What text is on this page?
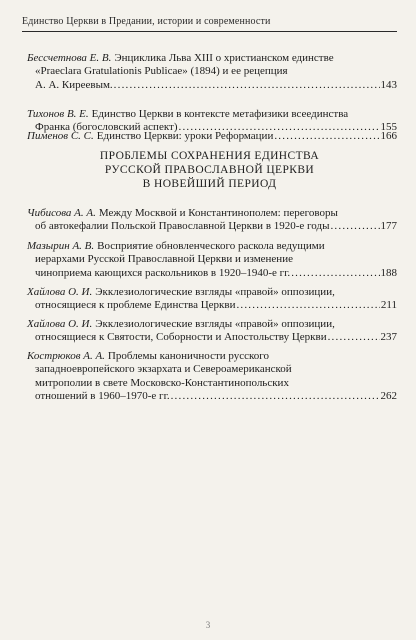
Единство Церкви в Предании, истории и современности
Бессчетнова Е. В. Энциклика Льва XIII о христианском единстве
«Praeclara Gratulationis Publicae» (1894) и ее рецепция
А. А. Киреевым. .....	143
Тихонов В. Е. Единство Церкви в контексте метафизики всеединства
Франка (богословский аспект) .....	155
Пименов С. С. Единство Церкви: уроки Реформации .....	166
ПРОБЛЕМЫ СОХРАНЕНИЯ ЕДИНСТВА
РУССКОЙ ПРАВОСЛАВНОЙ ЦЕРКВИ
В НОВЕЙШИЙ ПЕРИОД
Чибисова А. А. Между Москвой и Константинополем: переговоры
об автокефалии Польской Православной Церкви в 1920-е годы .....	177
Мазырин А. В. Восприятие обновленческого раскола ведущими
иерархами Русской Православной Церкви и изменение
чиноприема кающихся раскольников в 1920–1940-е гг. .....	188
Хайлова О. И. Экклезиологические взгляды «правой» оппозиции,
относящиеся к проблеме Единства Церкви .....	211
Хайлова О. И. Экклезиологические взгляды «правой» оппозиции,
относящиеся к Святости, Соборности и Апостольству Церкви .....	237
Кострюков А. А. Проблемы каноничности русского
западноевропейского экзархата и Североамериканской
митрополии в свете Московско-Константинопольских
отношений в 1960–1970-е гг. .....	262
3
